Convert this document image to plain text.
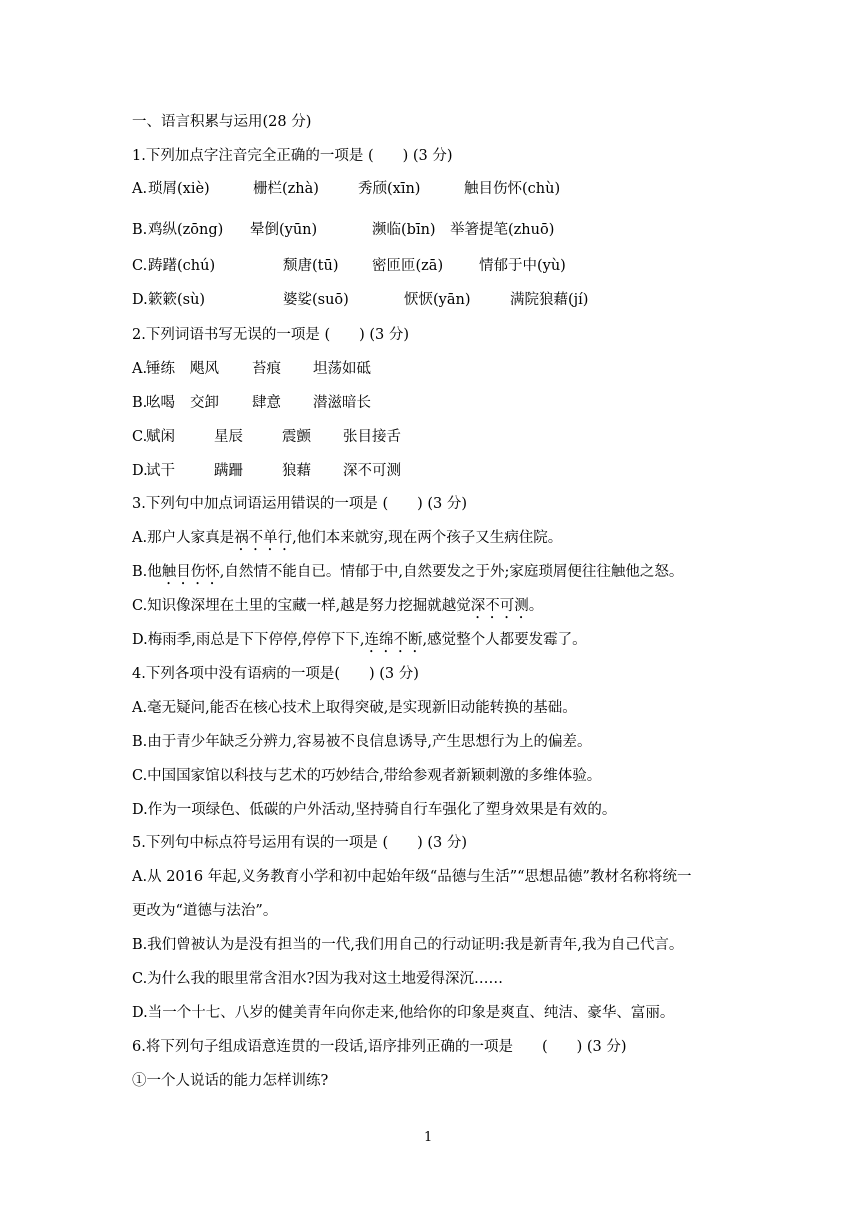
一、语言积累与运用(28 分)

1.下列加点字注音完全正确的一项是 (　　) (3 分)

A. 琐屑(xiè)	栅栏(zhà)	秀颀(xīn)	触目伤怀(chù)
B. 鸡纵(zōng) 晕倒(yūn)	濒临(bīn) 举箸提笔(zhuō)
C. 踌躇(chú)	颓唐(tū) 密匝匝(zā) 情郁于中(yù)
D. 簌簌(sù)	婆娑(suō)	恹恹(yān)	满院狼藉(jí)

2.下列词语书写无误的一项是 (　　) (3 分)

A.
锤练 飓风 苔痕 坦荡如砥
B.
吆喝 交卸 肆意 潜滋暗长
C.
赋闲	星辰	震颤 张目接舌
D.
试干	蹒跚	狼藉 深不可测

3.下列句中加点词语运用错误的一项是 (　　) (3 分)

A.那户人家真是祸不单行,他们本来就穷,现在两个孩子又生病住院。

B.他触目伤怀,自然情不能自已。情郁于中,自然要发之于外;家庭琐屑便往往触他之怒。

C.知识像深埋在土里的宝藏一样,越是努力挖掘就越觉深不可测。

D.梅雨季,雨总是下下停停,停停下下,连绵不断,感觉整个人都要发霉了。

4.下列各项中没有语病的一项是(　　) (3 分)

A.毫无疑问,能否在核心技术上取得突破,是实现新旧动能转换的基础。

B.由于青少年缺乏分辨力,容易被不良信息诱导,产生思想行为上的偏差。

C.中国国家馆以科技与艺术的巧妙结合,带给参观者新颖刺激的多维体验。

D.作为一项绿色、低碳的户外活动,坚持骑自行车强化了塑身效果是有效的。

5.下列句中标点符号运用有误的一项是 (　　) (3 分)

A.从 2016 年起,义务教育小学和初中起始年级“品德与生活”“思想品德”教材名称将统一

更改为“道德与法治”。

B.我们曾被认为是没有担当的一代,我们用自己的行动证明:我是新青年,我为自己代言。

C.为什么我的眼里常含泪水?因为我对这土地爱得深沉……

D.当一个十七、八岁的健美青年向你走来,他给你的印象是爽直、纯洁、豪华、富丽。

6.将下列句子组成语意连贯的一段话,语序排列正确的一项是　　(　　) (3 分)

①一个人说话的能力怎样训练?

1
